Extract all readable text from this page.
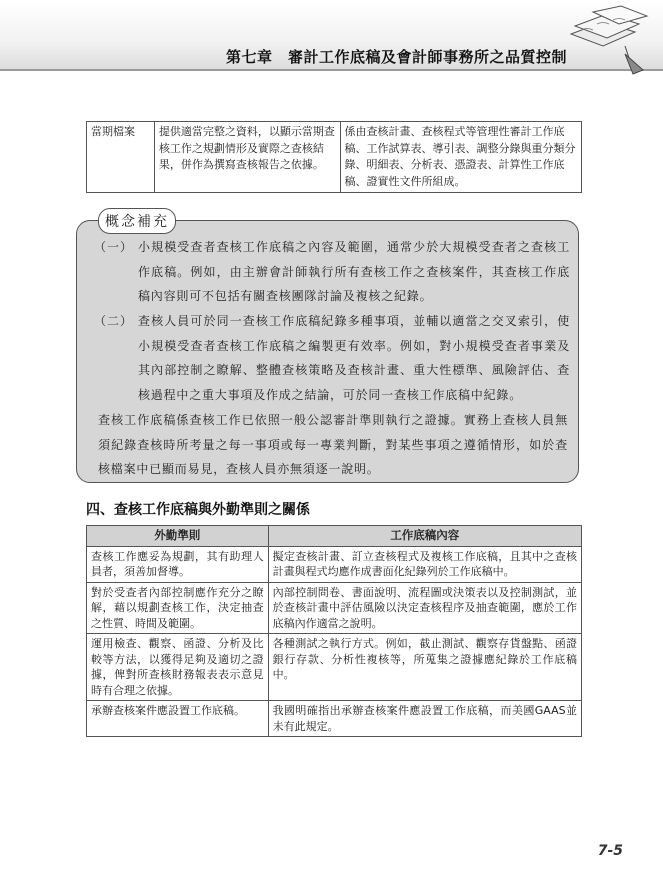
第七章　審計工作底稿及會計師事務所之品質控制
當期檔案	提供適當完整之資料，以顯示當期查核工作之規劃情形及實際之查核結果，併作為撰寫查核報告之依據。	係由查核計畫、查核程式等管理性審計工作底稿、工作試算表、導引表、調整分錄與重分類分錄、明細表、分析表、憑證表、計算性工作底稿、證實性文件所組成。
概念補充
（一） 小規模受查者查核工作底稿之內容及範圍，通常少於大規模受查者之查核工作底稿。例如，由主辦會計師執行所有查核工作之查核案件，其查核工作底稿內容則可不包括有關查核團隊討論及複核之紀錄。
（二） 查核人員可於同一查核工作底稿紀錄多種事項，並輔以適當之交叉索引，使小規模受查者查核工作底稿之編製更有效率。例如，對小規模受查者事業及其內部控制之瞭解、整體查核策略及查核計畫、重大性標準、風險評估、查核過程中之重大事項及作成之結論，可於同一查核工作底稿中紀錄。
查核工作底稿係查核工作已依照一般公認審計準則執行之證據。實務上查核人員無須紀錄查核時所考量之每一事項或每一專業判斷，對某些事項之遵循情形，如於查核檔案中已顯而易見，查核人員亦無須逐一說明。
四、查核工作底稿與外勤準則之關係
外勤準則	工作底稿內容
查核工作應妥為規劃，其有助理人員者，須善加督導。	擬定查核計畫、訂立查核程式及複核工作底稿，且其中之查核計畫與程式均應作成書面化紀錄列於工作底稿中。
對於受查者內部控制應作充分之瞭解，藉以規劃查核工作，決定抽查之性質、時間及範圍。	內部控制問卷、書面說明、流程圖或決策表以及控制測試，並於查核計畫中評估風險以決定查核程序及抽查範圍，應於工作底稿內作適當之說明。
運用檢查、觀察、函證、分析及比較等方法，以獲得足夠及適切之證據，俾對所查核財務報表表示意見時有合理之依據。	各種測試之執行方式。例如，截止測試、觀察存貨盤點、函證銀行存款、分析性複核等，所蒐集之證據應紀錄於工作底稿中。
承辦查核案件應設置工作底稿。	我國明確指出承辦查核案件應設置工作底稿，而美國GAAS並未有此規定。
7-5
